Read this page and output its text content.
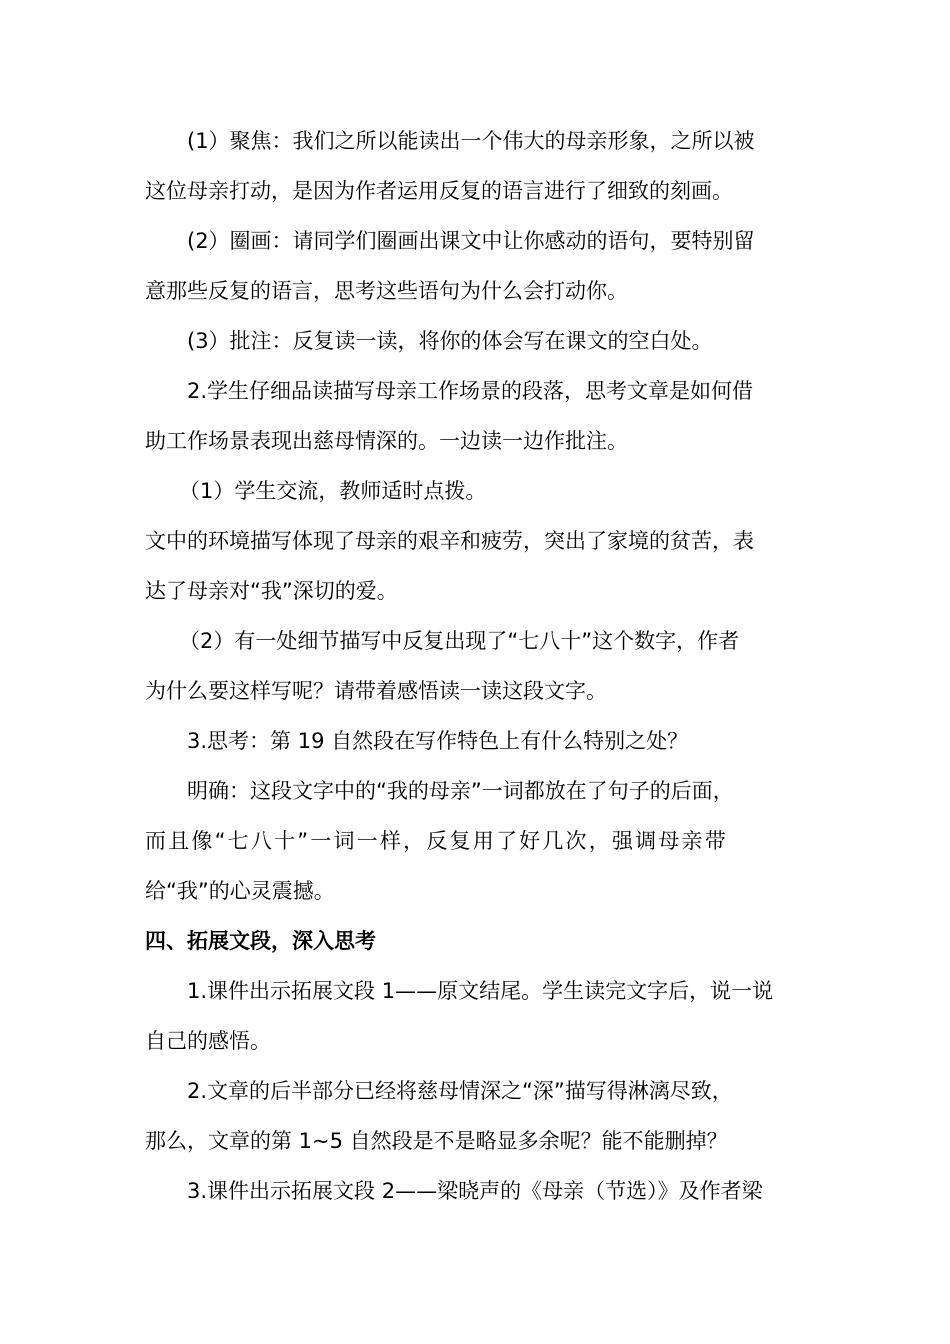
(1）聚焦：我们之所以能读出一个伟大的母亲形象，之所以被
这位母亲打动，是因为作者运用反复的语言进行了细致的刻画。
(2）圈画：请同学们圈画出课文中让你感动的语句，要特别留
意那些反复的语言，思考这些语句为什么会打动你。
(3）批注：反复读一读，将你的体会写在课文的空白处。
2.学生仔细品读描写母亲工作场景的段落，思考文章是如何借
助工作场景表现出慈母情深的。一边读一边作批注。
（1）学生交流，教师适时点拨。
文中的环境描写体现了母亲的艰辛和疲劳，突出了家境的贫苦，表
达了母亲对“我”深切的爱。
（2）有一处细节描写中反复出现了“七八十”这个数字，作者
为什么要这样写呢？请带着感悟读一读这段文字。
3.思考：第 19 自然段在写作特色上有什么特别之处？
明确：这段文字中的“我的母亲”一词都放在了句子的后面，
而且像“七八十”一词一样，反复用了好几次，强调母亲带
给“我”的心灵震撼。
四、拓展文段，深入思考
1.课件出示拓展文段 1——原文结尾。学生读完文字后，说一说
自己的感悟。
2.文章的后半部分已经将慈母情深之“深”描写得淋漓尽致，
那么，文章的第 1~5 自然段是不是略显多余呢？能不能删掉？
3.课件出示拓展文段 2——梁晓声的《母亲（节选）》及作者梁
